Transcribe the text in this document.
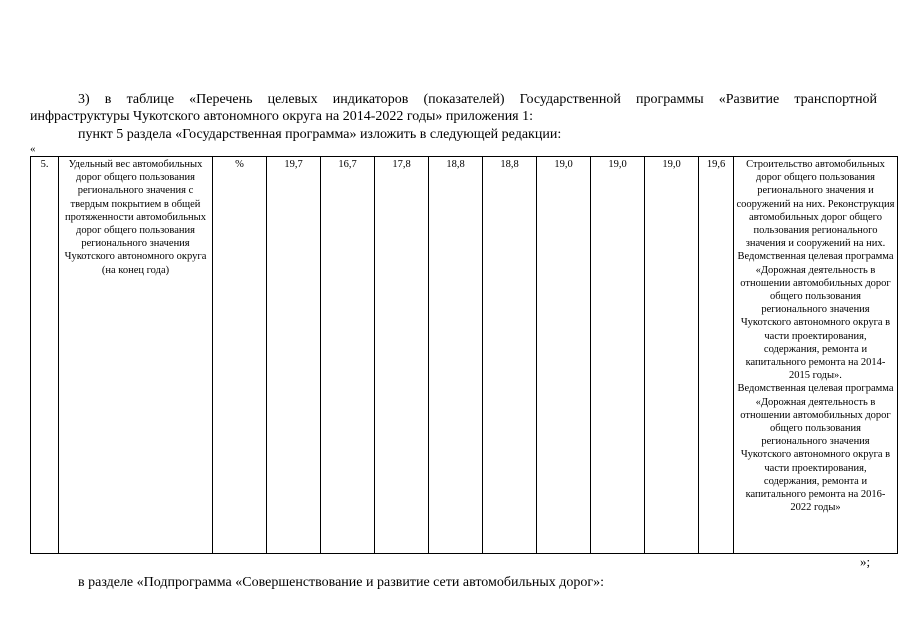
3) в таблице «Перечень целевых индикаторов (показателей) Государственной программы «Развитие транспортной
инфраструктуры Чукотского автономного округа на 2014-2022 годы» приложения 1:
пункт 5 раздела «Государственная программа» изложить в следующей редакции:
«
5.	Удельный вес автомобильных дорог общего пользования регионального значения с твердым покрытием в общей протяженности автомобильных дорог общего пользования регионального значения Чукотского автономного округа (на конец года)	%	19,7	16,7	17,8	18,8	18,8	19,0	19,0	19,0	19,6	Строительство автомобильных дорог общего пользования регионального значения и сооружений на них. Реконструкция автомобильных дорог общего пользования регионального значения и сооружений на них.
Ведомственная целевая программа «Дорожная деятельность в отношении автомобильных дорог общего пользования регионального значения Чукотского автономного округа в части проектирования, содержания, ремонта и капитального ремонта на 2014-2015 годы».
Ведомственная целевая программа «Дорожная деятельность в отношении автомобильных дорог общего пользования регионального значения Чукотского автономного округа в части проектирования, содержания, ремонта и капитального ремонта на 2016-2022 годы»
»;
в разделе «Подпрограмма «Совершенствование и развитие сети автомобильных дорог»:
